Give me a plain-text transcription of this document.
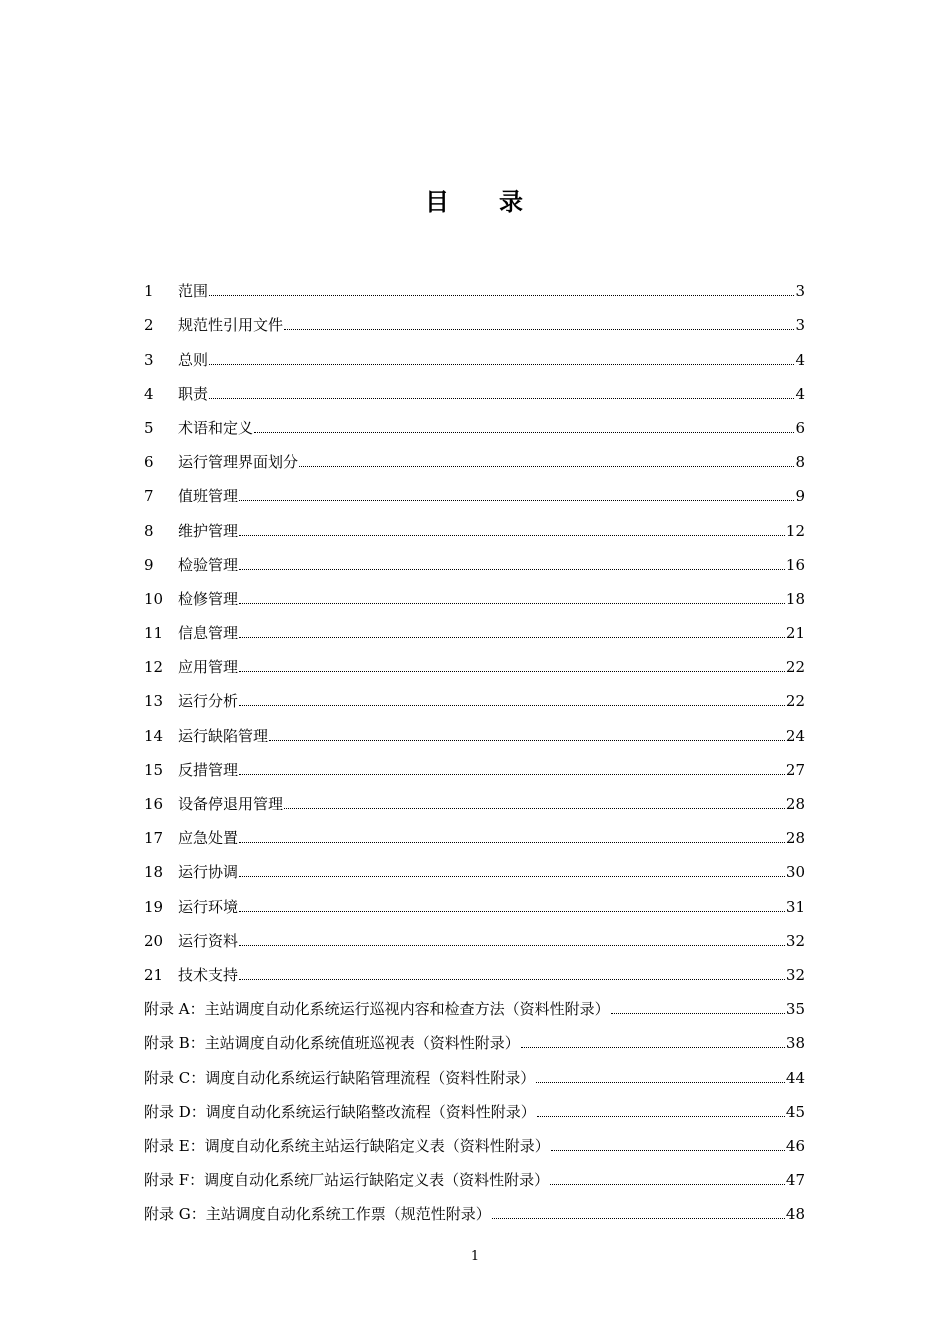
目 录
1	范围	3
2	规范性引用文件	3
3	总则	4
4	职责	4
5	术语和定义	6
6	运行管理界面划分	8
7	值班管理	9
8	维护管理	12
9	检验管理	16
10 检修管理	18
11 信息管理	21
12 应用管理	22
13 运行分析	22
14 运行缺陷管理	24
15 反措管理	27
16 设备停退用管理	28
17 应急处置	28
18 运行协调	30
19 运行环境	31
20 运行资料	32
21 技术支持	32
附录 A：主站调度自动化系统运行巡视内容和检查方法（资料性附录）	35
附录 B：主站调度自动化系统值班巡视表（资料性附录）	38
附录 C：调度自动化系统运行缺陷管理流程（资料性附录）	44
附录 D：调度自动化系统运行缺陷整改流程（资料性附录）	45
附录 E：调度自动化系统主站运行缺陷定义表（资料性附录）	46
附录 F：调度自动化系统厂站运行缺陷定义表（资料性附录）	47
附录 G：主站调度自动化系统工作票（规范性附录）	48
1
